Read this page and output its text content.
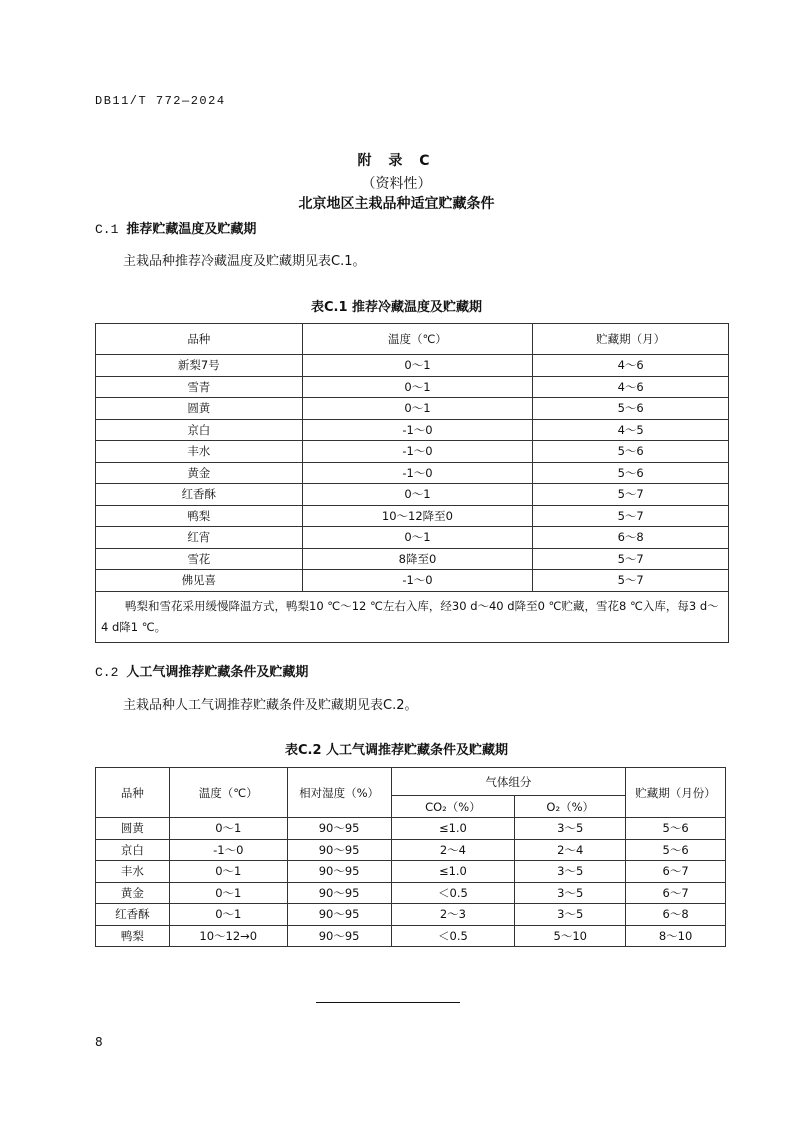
DB11/T 772—2024
附 录 C
（资料性）
北京地区主栽品种适宜贮藏条件
C.1 推荐贮藏温度及贮藏期
主栽品种推荐冷藏温度及贮藏期见表C.1。
表C.1 推荐冷藏温度及贮藏期
品种	温度（℃）	贮藏期（月）
新梨7号	0～1	4～6
雪青	0～1	4～6
圆黄	0～1	5～6
京白	-1～0	4～5
丰水	-1～0	5～6
黄金	-1～0	5～6
红香酥	0～1	5～7
鸭梨	10～12降至0	5～7
红宵	0～1	6～8
雪花	8降至0	5～7
佛见喜	-1～0	5～7
鸭梨和雪花采用缓慢降温方式，鸭梨10 ℃～12 ℃左右入库，经30 d～40 d降至0 ℃贮藏，雪花8 ℃入库，每3 d～4 d降1 ℃。		
C.2 人工气调推荐贮藏条件及贮藏期
主栽品种人工气调推荐贮藏条件及贮藏期见表C.2。
表C.2 人工气调推荐贮藏条件及贮藏期
品种	温度（℃）	相对湿度（%）	气体组分		贮藏期（月份）
			CO₂（%）	O₂（%）	
圆黄	0～1	90～95	≤1.0	3～5	5～6
京白	-1～0	90～95	2～4	2～4	5～6
丰水	0～1	90～95	≤1.0	3～5	6～7
黄金	0～1	90～95	＜0.5	3～5	6～7
红香酥	0～1	90～95	2～3	3～5	6～8
鸭梨	10～12→0	90～95	＜0.5	5～10	8～10
8
